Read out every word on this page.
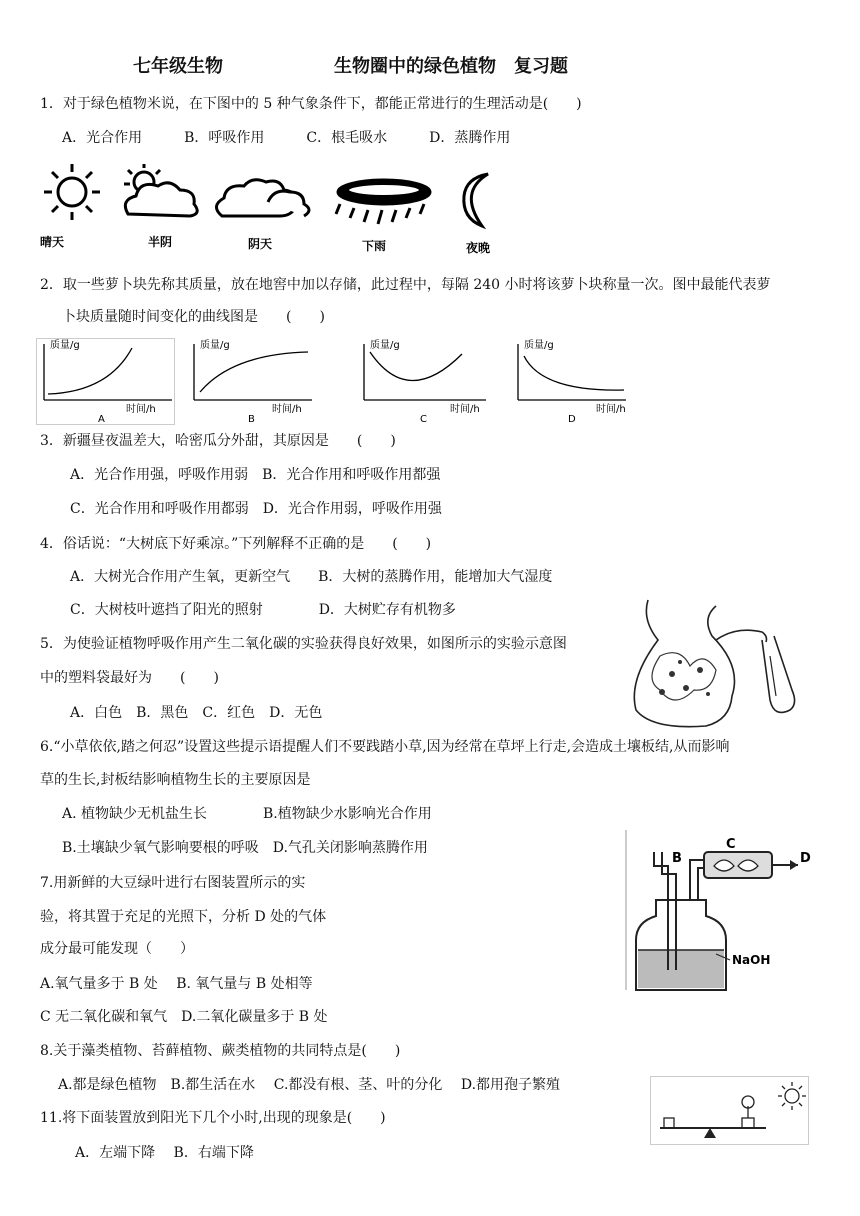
七年级生物	生物圈中的绿色植物　复习题
1．对于绿色植物米说，在下图中的 5 种气象条件下，都能正常进行的生理活动是(　　)
A．光合作用　　　B．呼吸作用　　　C．根毛吸水　　　D．蒸腾作用
晴天	半阴	阴天	下雨	夜晚
2．取一些萝卜块先称其质量，放在地窖中加以存储，此过程中，每隔 240 小时将该萝卜块称量一次。图中最能代表萝
卜块质量随时间变化的曲线图是　　(　　)
质量/g
时间/h
A
质量/g
时间/h
B
质量/g
时间/h
C
质量/g
时间/h
D
3．新疆昼夜温差大，哈密瓜分外甜，其原因是　　(　　)
A．光合作用强，呼吸作用弱　B．光合作用和呼吸作用都强
C．光合作用和呼吸作用都弱　D．光合作用弱，呼吸作用强
4．俗话说：“大树底下好乘凉。”下列解释不正确的是　　(　　)
A．大树光合作用产生氧，更新空气　　B．大树的蒸腾作用，能增加大气湿度
C．大树枝叶遮挡了阳光的照射　　　　D．大树贮存有机物多
5．为使验证植物呼吸作用产生二氧化碳的实验获得良好效果，如图所示的实验示意图
中的塑料袋最好为　　(　　)
A．白色　B．黑色　C．红色　D．无色
6.“小草依依,踏之何忍”设置这些提示语提醒人们不要践踏小草,因为经常在草坪上行走,会造成土壤板结,从而影响
草的生长,封板结影响植物生长的主要原因是
A. 植物缺少无机盐生长　　　　B.植物缺少水影响光合作用
B.土壤缺少氧气影响要根的呼吸　D.气孔关闭影响蒸腾作用
7.用新鲜的大豆绿叶进行右图装置所示的实
验，将其置于充足的光照下，分析 D 处的气体
成分最可能发现（　　）
A.氧气量多于 B 处　 B. 氧气量与 B 处相等
C 无二氧化碳和氧气　D.二氧化碳量多于 B 处
B
C
D
NaOH
8.关于藻类植物、苔藓植物、蕨类植物的共同特点是(　　)
A.都是绿色植物　B.都生活在水　 C.都没有根、茎、叶的分化　 D.都用孢子繁殖
11.将下面装置放到阳光下几个小时,出现的现象是(　　)
A．左端下降　 B．右端下降
